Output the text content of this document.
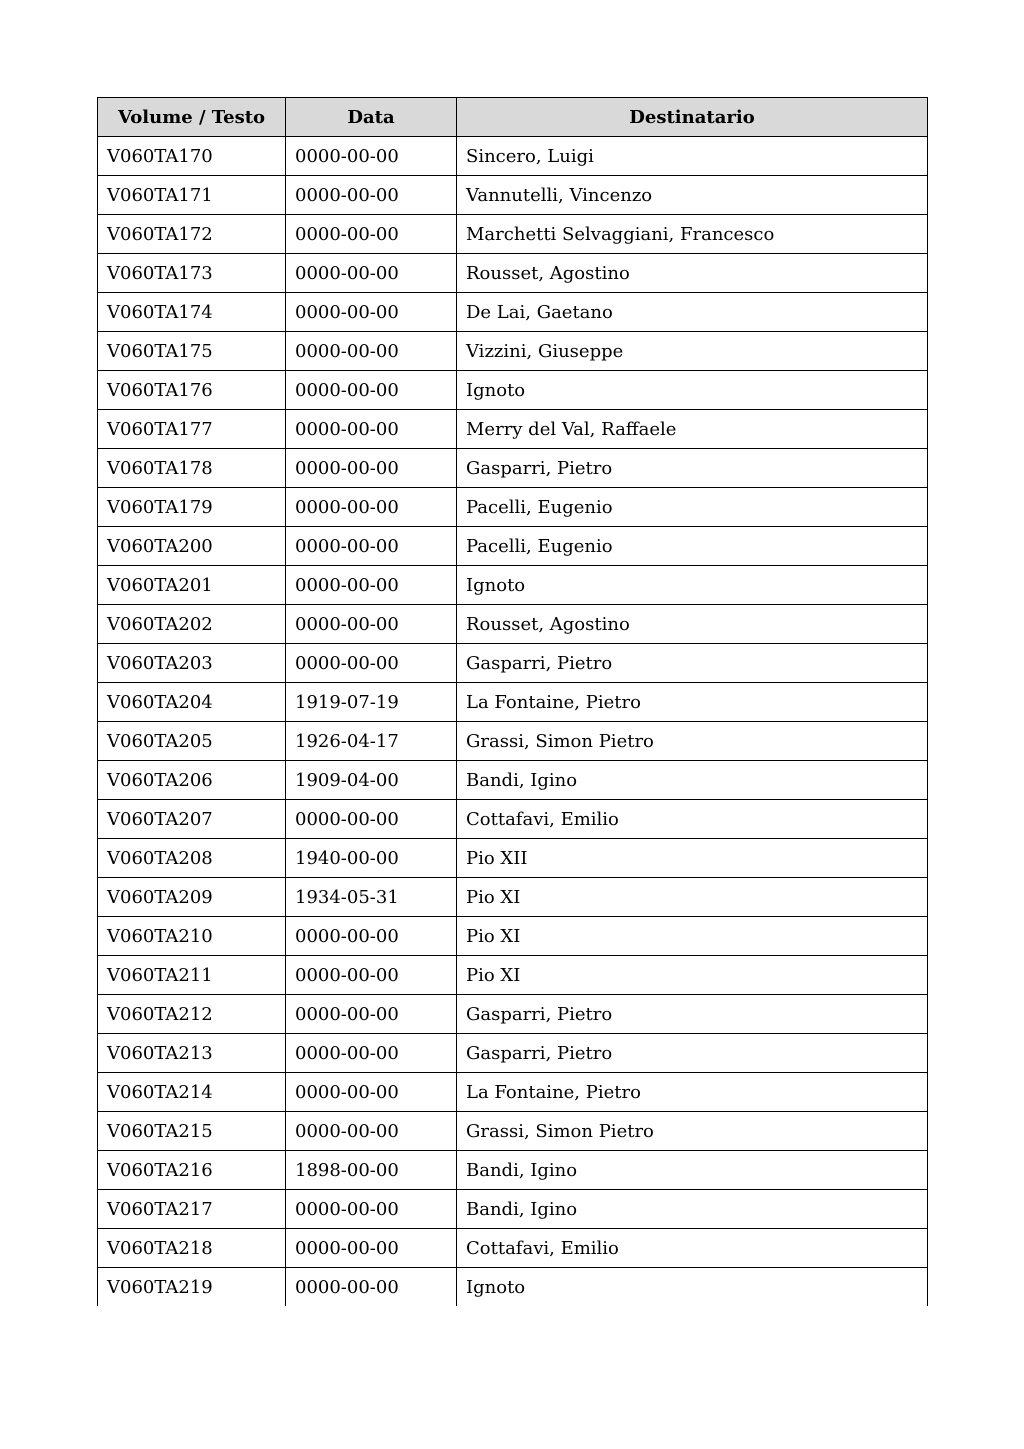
Volume / Testo	Data	Destinatario
V060TA170	0000-00-00	Sincero, Luigi
V060TA171	0000-00-00	Vannutelli, Vincenzo
V060TA172	0000-00-00	Marchetti Selvaggiani, Francesco
V060TA173	0000-00-00	Rousset, Agostino
V060TA174	0000-00-00	De Lai, Gaetano
V060TA175	0000-00-00	Vizzini, Giuseppe
V060TA176	0000-00-00	Ignoto
V060TA177	0000-00-00	Merry del Val, Raffaele
V060TA178	0000-00-00	Gasparri, Pietro
V060TA179	0000-00-00	Pacelli, Eugenio
V060TA200	0000-00-00	Pacelli, Eugenio
V060TA201	0000-00-00	Ignoto
V060TA202	0000-00-00	Rousset, Agostino
V060TA203	0000-00-00	Gasparri, Pietro
V060TA204	1919-07-19	La Fontaine, Pietro
V060TA205	1926-04-17	Grassi, Simon Pietro
V060TA206	1909-04-00	Bandi, Igino
V060TA207	0000-00-00	Cottafavi, Emilio
V060TA208	1940-00-00	Pio XII
V060TA209	1934-05-31	Pio XI
V060TA210	0000-00-00	Pio XI
V060TA211	0000-00-00	Pio XI
V060TA212	0000-00-00	Gasparri, Pietro
V060TA213	0000-00-00	Gasparri, Pietro
V060TA214	0000-00-00	La Fontaine, Pietro
V060TA215	0000-00-00	Grassi, Simon Pietro
V060TA216	1898-00-00	Bandi, Igino
V060TA217	0000-00-00	Bandi, Igino
V060TA218	0000-00-00	Cottafavi, Emilio
V060TA219	0000-00-00	Ignoto
